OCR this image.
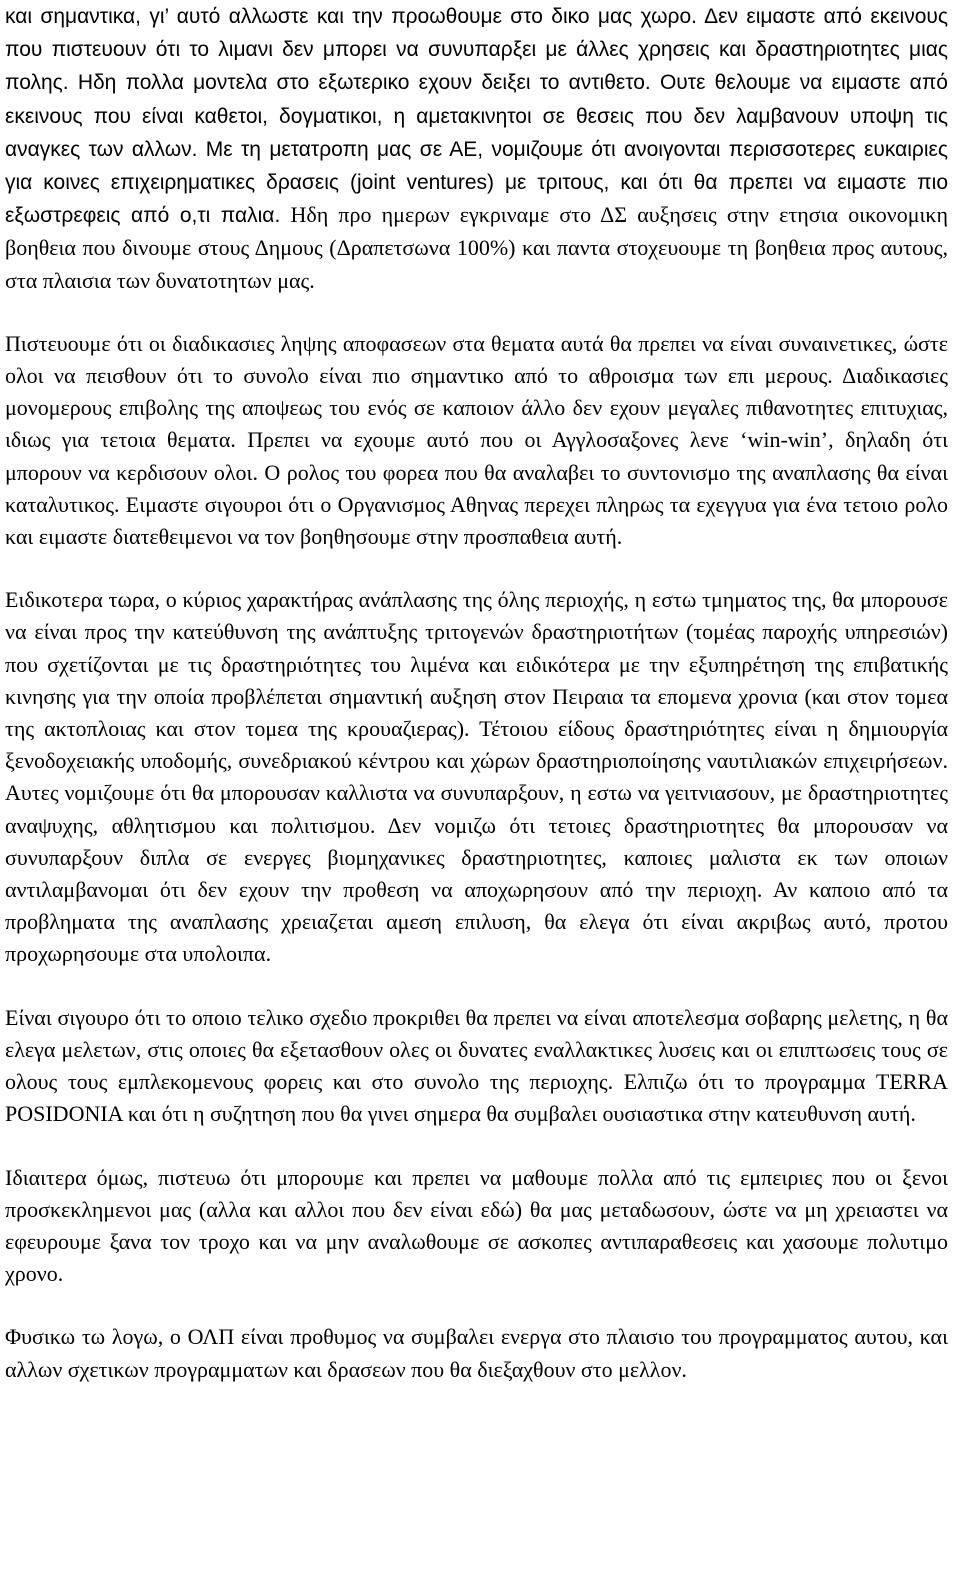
και σημαντικα, γι’ αυτό αλλωστε και την προωθουμε στο δικο μας χωρο. Δεν ειμαστε από εκεινους που πιστευουν ότι το λιμανι δεν μπορει να συνυπαρξει με άλλες χρησεις και δραστηριοτητες μιας πολης. Ηδη πολλα μοντελα στο εξωτερικο εχουν δειξει το αντιθετο. Ουτε θελουμε να ειμαστε από εκεινους που είναι καθετοι, δογματικοι, η αμετακινητοι σε θεσεις που δεν λαμβανουν υποψη τις αναγκες των αλλων. Με τη μετατροπη μας σε ΑΕ, νομιζουμε ότι ανοιγονται περισσοτερες ευκαιριες για κοινες επιχειρηματικες δρασεις (joint ventures) με τριτους, και ότι θα πρεπει να ειμαστε πιο εξωστρεφεις από ο,τι παλια. Ηδη προ ημερων εγκριναμε στο ΔΣ αυξησεις στην ετησια οικονομικη βοηθεια που δινουμε στους Δημους (Δραπετσωνα 100%) και παντα στοχευουμε τη βοηθεια προς αυτους, στα πλαισια των δυνατοτητων μας.

Πιστευουμε ότι οι διαδικασιες ληψης αποφασεων στα θεματα αυτά θα πρεπει να είναι συναινετικες, ώστε ολοι να πεισθουν ότι το συνολο είναι πιο σημαντικο από το αθροισμα των επι μερους. Διαδικασιες μονομερους επιβολης της αποψεως του ενός σε καποιον άλλο δεν εχουν μεγαλες πιθανοτητες επιτυχιας, ιδιως για τετοια θεματα. Πρεπει να εχουμε αυτό που οι Αγγλοσαξονες λενε ‘win-win’, δηλαδη ότι μπορουν να κερδισουν ολοι. Ο ρολος του φορεα που θα αναλαβει το συντονισμο της αναπλασης θα είναι καταλυτικος. Ειμαστε σιγουροι ότι ο Οργανισμος Αθηνας περεχει πληρως τα εχεγγυα για ένα τετοιο ρολο και ειμαστε διατεθειμενοι να τον βοηθησουμε στην προσπαθεια αυτή.

Ειδικοτερα τωρα, ο κύριος χαρακτήρας ανάπλασης της όλης περιοχής, η εστω τμηματος της, θα μπορουσε να είναι προς την κατεύθυνση της ανάπτυξης τριτογενών δραστηριοτήτων (τομέας παροχής υπηρεσιών) που σχετίζονται με τις δραστηριότητες του λιμένα και ειδικότερα με την εξυπηρέτηση της επιβατικής κινησης για την οποία προβλέπεται σημαντική αυξηση στον Πειραια τα επομενα χρονια (και στον τομεα της ακτοπλοιας και στον τομεα της κρουαζιερας). Τέτοιου είδους δραστηριότητες είναι η δημιουργία ξενοδοχειακής υποδομής, συνεδριακού κέντρου και χώρων δραστηριοποίησης ναυτιλιακών επιχειρήσεων. Αυτες νομιζουμε ότι θα μπορουσαν καλλιστα να συνυπαρξουν, η εστω να γειτνιασουν, με δραστηριοτητες αναψυχης, αθλητισμου και πολιτισμου. Δεν νομιζω ότι τετοιες δραστηριοτητες θα μπορουσαν να συνυπαρξουν διπλα σε ενεργες βιομηχανικες δραστηριοτητες, καποιες μαλιστα εκ των οποιων αντιλαμβανομαι ότι δεν εχουν την προθεση να αποχωρησουν από την περιοχη. Αν καποιο από τα προβληματα της αναπλασης χρειαζεται αμεση επιλυση, θα ελεγα ότι είναι ακριβως αυτό, προτου προχωρησουμε στα υπολοιπα.

Είναι σιγουρο ότι το οποιο τελικο σχεδιο προκριθει θα πρεπει να είναι αποτελεσμα σοβαρης μελετης, η θα ελεγα μελετων, στις οποιες θα εξετασθουν ολες οι δυνατες εναλλακτικες λυσεις και οι επιπτωσεις τους σε ολους τους εμπλεκομενους φορεις και στο συνολο της περιοχης. Ελπιζω ότι το προγραμμα TERRA POSIDONIA και ότι η συζητηση που θα γινει σημερα θα συμβαλει ουσιαστικα στην κατευθυνση αυτή.

Ιδιαιτερα όμως, πιστευω ότι μπορουμε και πρεπει να μαθουμε πολλα από τις εμπειριες που οι ξενοι προσκεκλημενοι μας (αλλα και αλλοι που δεν είναι εδώ) θα μας μεταδωσουν, ώστε να μη χρειαστει να εφευρουμε ξανα τον τροχο και να μην αναλωθουμε σε ασκοπες αντιπαραθεσεις και χασουμε πολυτιμο χρονο.

Φυσικω τω λογω, ο ΟΛΠ είναι προθυμος να συμβαλει ενεργα στο πλαισιο του προγραμματος αυτου, και αλλων σχετικων προγραμματων και δρασεων που θα διεξαχθουν στο μελλον.
